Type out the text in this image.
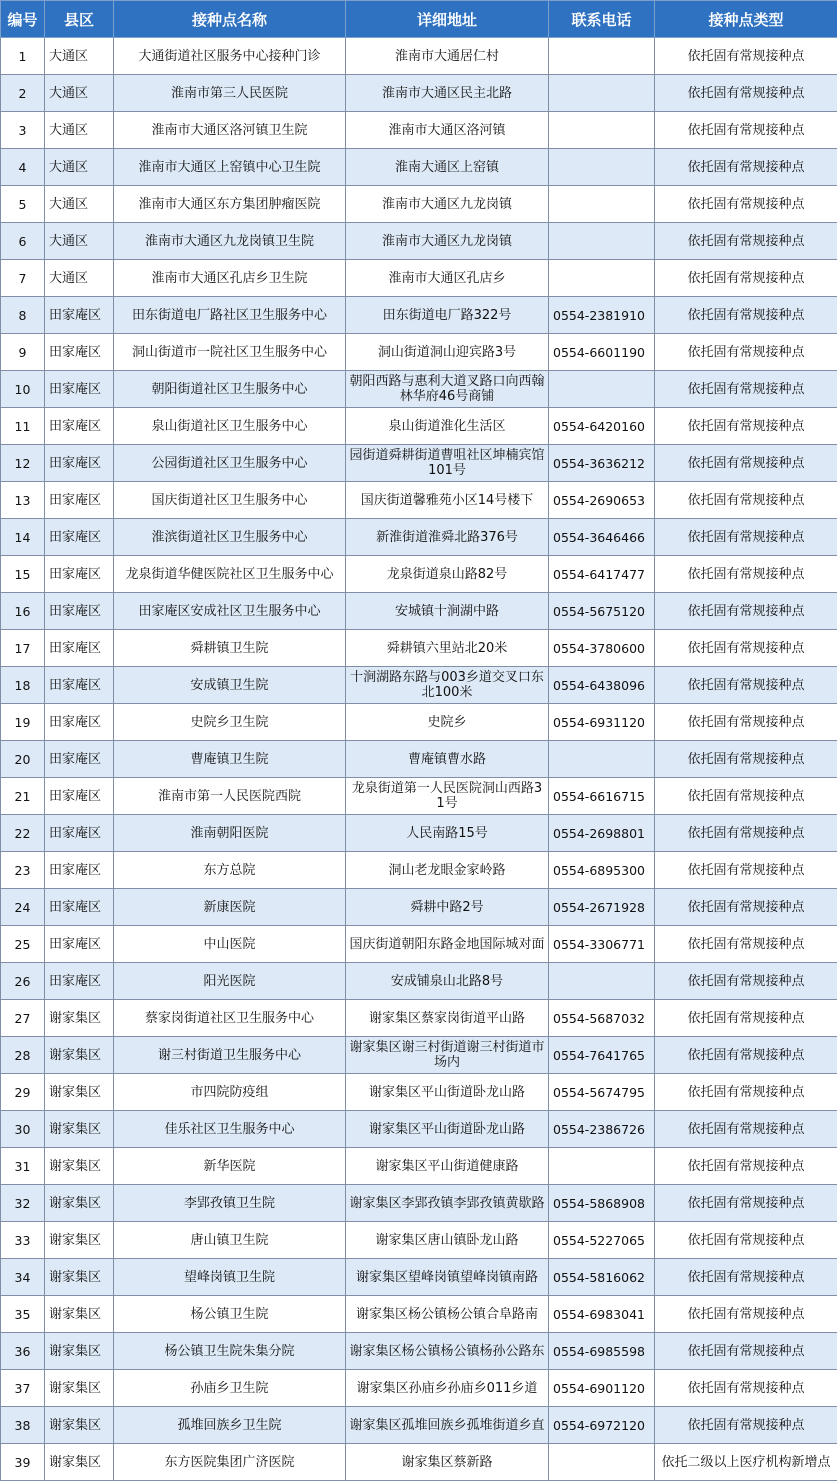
编号	县区	接种点名称	详细地址	联系电话	接种点类型
1	大通区	大通街道社区服务中心接种门诊	淮南市大通居仁村		依托固有常规接种点
2	大通区	淮南市第三人民医院	淮南市大通区民主北路		依托固有常规接种点
3	大通区	淮南市大通区洛河镇卫生院	淮南市大通区洛河镇		依托固有常规接种点
4	大通区	淮南市大通区上窑镇中心卫生院	淮南大通区上窑镇		依托固有常规接种点
5	大通区	淮南市大通区东方集团肿瘤医院	淮南市大通区九龙岗镇		依托固有常规接种点
6	大通区	淮南市大通区九龙岗镇卫生院	淮南市大通区九龙岗镇		依托固有常规接种点
7	大通区	淮南市大通区孔店乡卫生院	淮南市大通区孔店乡		依托固有常规接种点
8	田家庵区	田东街道电厂路社区卫生服务中心	田东街道电厂路322号	0554-2381910	依托固有常规接种点
9	田家庵区	洞山街道市一院社区卫生服务中心	洞山街道洞山迎宾路3号	0554-6601190	依托固有常规接种点
10	田家庵区	朝阳街道社区卫生服务中心	朝阳西路与惠利大道叉路口向西翰林华府46号商铺		依托固有常规接种点
11	田家庵区	泉山街道社区卫生服务中心	泉山街道淮化生活区	0554-6420160	依托固有常规接种点
12	田家庵区	公园街道社区卫生服务中心	园街道舜耕街道曹咀社区坤楠宾馆101号	0554-3636212	依托固有常规接种点
13	田家庵区	国庆街道社区卫生服务中心	国庆街道馨雅苑小区14号楼下	0554-2690653	依托固有常规接种点
14	田家庵区	淮滨街道社区卫生服务中心	新淮街道淮舜北路376号	0554-3646466	依托固有常规接种点
15	田家庵区	龙泉街道华健医院社区卫生服务中心	龙泉街道泉山路82号	0554-6417477	依托固有常规接种点
16	田家庵区	田家庵区安成社区卫生服务中心	安城镇十涧湖中路	0554-5675120	依托固有常规接种点
17	田家庵区	舜耕镇卫生院	舜耕镇六里站北20米	0554-3780600	依托固有常规接种点
18	田家庵区	安成镇卫生院	十涧湖路东路与003乡道交叉口东北100米	0554-6438096	依托固有常规接种点
19	田家庵区	史院乡卫生院	史院乡	0554-6931120	依托固有常规接种点
20	田家庵区	曹庵镇卫生院	曹庵镇曹水路		依托固有常规接种点
21	田家庵区	淮南市第一人民医院西院	龙泉街道第一人民医院洞山西路31号	0554-6616715	依托固有常规接种点
22	田家庵区	淮南朝阳医院	人民南路15号	0554-2698801	依托固有常规接种点
23	田家庵区	东方总院	洞山老龙眼金家岭路	0554-6895300	依托固有常规接种点
24	田家庵区	新康医院	舜耕中路2号	0554-2671928	依托固有常规接种点
25	田家庵区	中山医院	国庆街道朝阳东路金地国际城对面	0554-3306771	依托固有常规接种点
26	田家庵区	阳光医院	安成铺泉山北路8号		依托固有常规接种点
27	谢家集区	蔡家岗街道社区卫生服务中心	谢家集区蔡家岗街道平山路	0554-5687032	依托固有常规接种点
28	谢家集区	谢三村街道卫生服务中心	谢家集区谢三村街道谢三村街道市场内	0554-7641765	依托固有常规接种点
29	谢家集区	市四院防疫组	谢家集区平山街道卧龙山路	0554-5674795	依托固有常规接种点
30	谢家集区	佳乐社区卫生服务中心	谢家集区平山街道卧龙山路	0554-2386726	依托固有常规接种点
31	谢家集区	新华医院	谢家集区平山街道健康路		依托固有常规接种点
32	谢家集区	李郢孜镇卫生院	谢家集区李郢孜镇李郢孜镇黄歇路	0554-5868908	依托固有常规接种点
33	谢家集区	唐山镇卫生院	谢家集区唐山镇卧龙山路	0554-5227065	依托固有常规接种点
34	谢家集区	望峰岗镇卫生院	谢家集区望峰岗镇望峰岗镇南路	0554-5816062	依托固有常规接种点
35	谢家集区	杨公镇卫生院	谢家集区杨公镇杨公镇合阜路南	0554-6983041	依托固有常规接种点
36	谢家集区	杨公镇卫生院朱集分院	谢家集区杨公镇杨公镇杨孙公路东	0554-6985598	依托固有常规接种点
37	谢家集区	孙庙乡卫生院	谢家集区孙庙乡孙庙乡011乡道	0554-6901120	依托固有常规接种点
38	谢家集区	孤堆回族乡卫生院	谢家集区孤堆回族乡孤堆街道乡直	0554-6972120	依托固有常规接种点
39	谢家集区	东方医院集团广济医院	谢家集区蔡新路		依托二级以上医疗机构新增点
